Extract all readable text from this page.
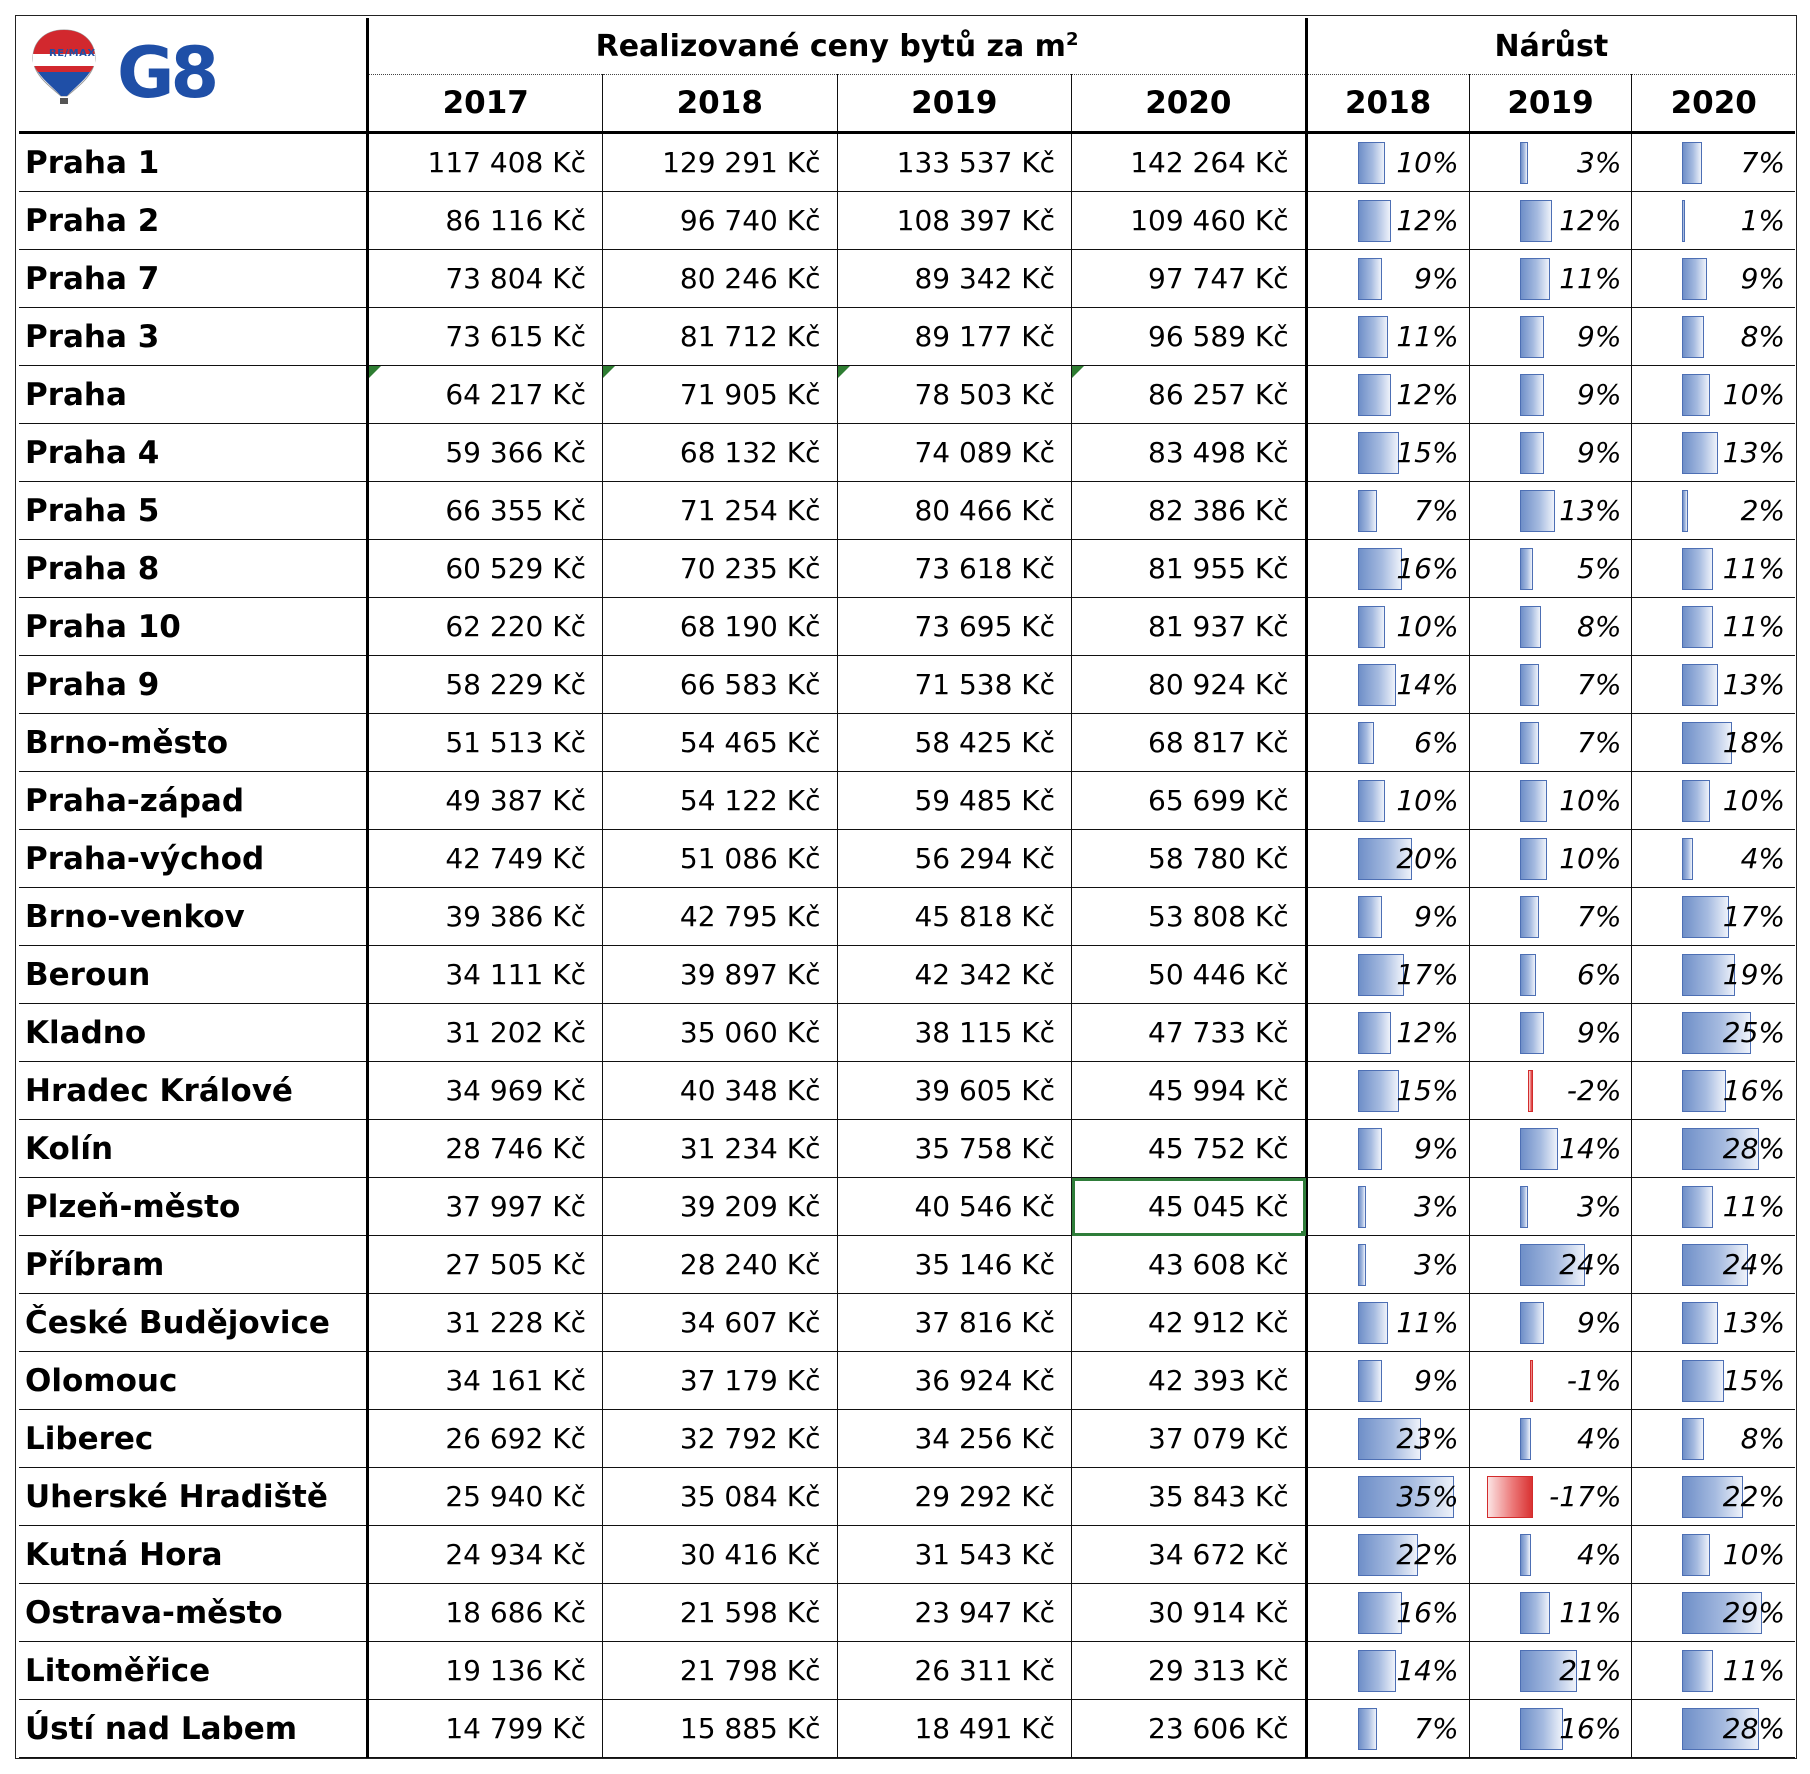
RE/MAX G8	Realizované ceny bytů za $m^2$				Nárůst		
	2017	2018	2019	2020	2018	2019	2020
Praha 1	117 408 Kč	129 291 Kč	133 537 Kč	142 264 Kč	10%	3%	7%

Praha 2	86 116 Kč	96 740 Kč	108 397 Kč	109 460 Kč	12%	12%	1%

Praha 7	73 804 Kč	80 246 Kč	89 342 Kč	97 747 Kč	9%	11%	9%

Praha 3	73 615 Kč	81 712 Kč	89 177 Kč	96 589 Kč	11%	9%	8%

Praha	64 217 Kč	71 905 Kč	78 503 Kč	86 257 Kč	12%	9%	10%

Praha 4	59 366 Kč	68 132 Kč	74 089 Kč	83 498 Kč	15%	9%	13%

Praha 5	66 355 Kč	71 254 Kč	80 466 Kč	82 386 Kč	7%	13%	2%

Praha 8	60 529 Kč	70 235 Kč	73 618 Kč	81 955 Kč	16%	5%	11%

Praha 10	62 220 Kč	68 190 Kč	73 695 Kč	81 937 Kč	10%	8%	11%

Praha 9	58 229 Kč	66 583 Kč	71 538 Kč	80 924 Kč	14%	7%	13%

Brno-město	51 513 Kč	54 465 Kč	58 425 Kč	68 817 Kč	6%	7%	18%

Praha-západ	49 387 Kč	54 122 Kč	59 485 Kč	65 699 Kč	10%	10%	10%

Praha-východ	42 749 Kč	51 086 Kč	56 294 Kč	58 780 Kč	20%	10%	4%

Brno-venkov	39 386 Kč	42 795 Kč	45 818 Kč	53 808 Kč	9%	7%	17%

Beroun	34 111 Kč	39 897 Kč	42 342 Kč	50 446 Kč	17%	6%	19%

Kladno	31 202 Kč	35 060 Kč	38 115 Kč	47 733 Kč	12%	9%	25%

Hradec Králové	34 969 Kč	40 348 Kč	39 605 Kč	45 994 Kč	15%	-2%	16%

Kolín	28 746 Kč	31 234 Kč	35 758 Kč	45 752 Kč	9%	14%	28%

Plzeň-město	37 997 Kč	39 209 Kč	40 546 Kč	45 045 Kč	3%	3%	11%

Příbram	27 505 Kč	28 240 Kč	35 146 Kč	43 608 Kč	3%	24%	24%

České Budějovice	31 228 Kč	34 607 Kč	37 816 Kč	42 912 Kč	11%	9%	13%

Olomouc	34 161 Kč	37 179 Kč	36 924 Kč	42 393 Kč	9%	-1%	15%

Liberec	26 692 Kč	32 792 Kč	34 256 Kč	37 079 Kč	23%	4%	8%

Uherské Hradiště	25 940 Kč	35 084 Kč	29 292 Kč	35 843 Kč	35%	-17%	22%

Kutná Hora	24 934 Kč	30 416 Kč	31 543 Kč	34 672 Kč	22%	4%	10%

Ostrava-město	18 686 Kč	21 598 Kč	23 947 Kč	30 914 Kč	16%	11%	29%

Litoměřice	19 136 Kč	21 798 Kč	26 311 Kč	29 313 Kč	14%	21%	11%

Ústí nad Labem	14 799 Kč	15 885 Kč	18 491 Kč	23 606 Kč	7%	16%	28%
